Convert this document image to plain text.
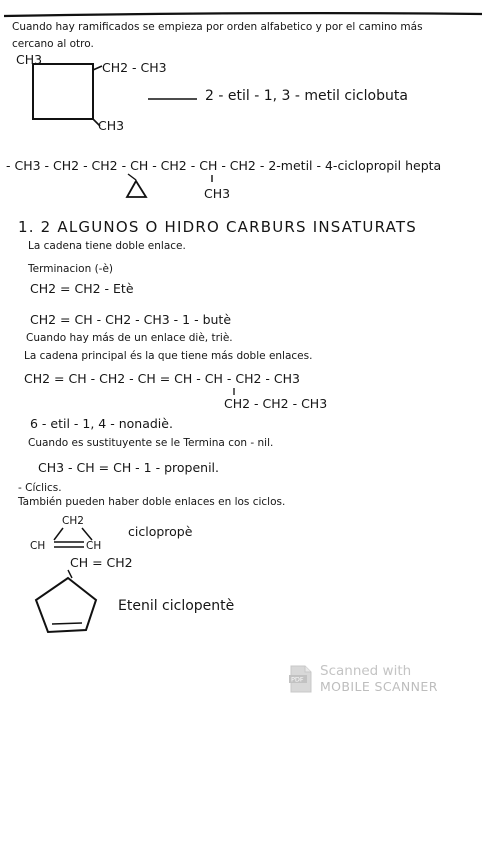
Cuando hay ramificados se empieza por orden alfabetico y por el camino más
cercano al otro.
CH3
CH2 - CH3
CH3
2 - etil - 1, 3 - metil ciclobuta
- CH3 - CH2 - CH2 - CH - CH2 - CH - CH2 - 2-metil - 4-ciclopropil hepta
CH3
1. 2 ALGUNOS O HIDRO CARBURS INSATURATS
La cadena tiene doble enlace.
Terminacion (-è)
CH2 = CH2 - Etè
CH2 = CH - CH2 - CH3 - 1 - butè
Cuando hay más de un enlace diè, triè.
La cadena principal és la que tiene más doble enlaces.
CH2 = CH - CH2 - CH = CH - CH - CH2 - CH3
CH2 - CH2 - CH3
6 - etil - 1, 4 - nonadiè.
Cuando es sustituyente se le Termina con - nil.
CH3 - CH = CH - 1 - propenil.
- Cíclics.
También pueden haber doble enlaces en los ciclos.
CH2
CH	CH
ciclopropè
CH = CH2
Etenil ciclopentè
PDF
Scanned with
MOBILE SCANNER
